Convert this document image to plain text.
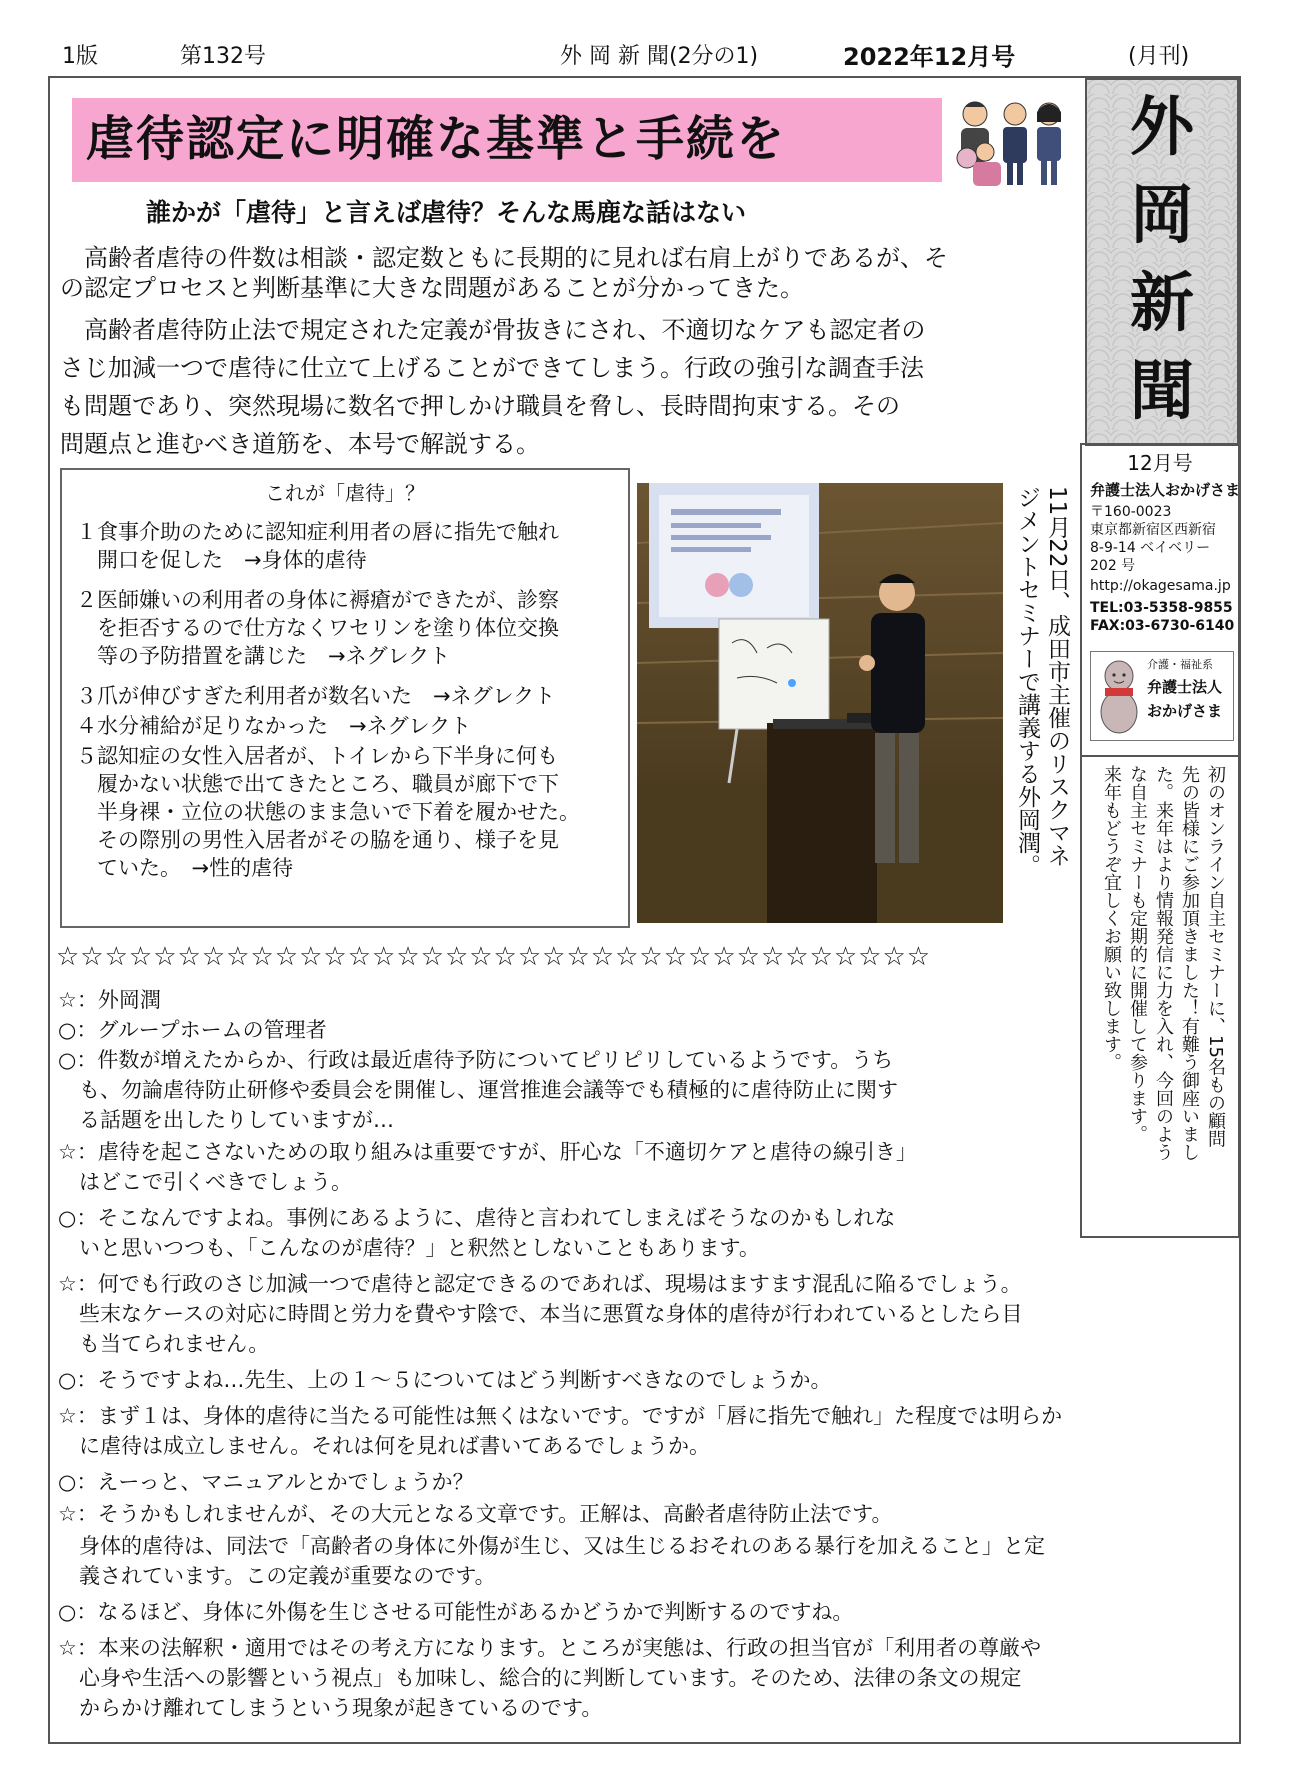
1版	第132号	外 岡 新 聞(2分の1)	2022年12月号	(月刊)
外
岡
新
聞
12月号
弁護士法人おかげさま
〒160-0023
東京都新宿区西新宿
8-9-14 ベイベリー
202 号
http://okagesama.jp
TEL:03-5358-9855
FAX:03-6730-6140
介護・福祉系
弁護士法人
おかげさま
初のオンライン自主セミナーに、15名もの顧問
先の皆様にご参加頂きました！有難う御座いまし
た。来年はより情報発信に力を入れ、今回のよう
な自主セミナーも定期的に開催して参ります。
来年もどうぞ宜しくお願い致します。
虐待認定に明確な基準と手続を
誰かが「虐待」と言えば虐待？そんな馬鹿な話はない
　高齢者虐待の件数は相談・認定数ともに長期的に見れば右肩上がりであるが、そ
の認定プロセスと判断基準に大きな問題があることが分かってきた。
　高齢者虐待防止法で規定された定義が骨抜きにされ、不適切なケアも認定者の
さじ加減一つで虐待に仕立て上げることができてしまう。行政の強引な調査手法
も問題であり、突然現場に数名で押しかけ職員を脅し、長時間拘束する。その
問題点と進むべき道筋を、本号で解説する。
これが「虐待」？
１食事介助のために認知症利用者の唇に指先で触れ
　開口を促した　→身体的虐待
２医師嫌いの利用者の身体に褥瘡ができたが、診察
　を拒否するので仕方なくワセリンを塗り体位交換
　等の予防措置を講じた　→ネグレクト
３爪が伸びすぎた利用者が数名いた　→ネグレクト
４水分補給が足りなかった　→ネグレクト
５認知症の女性入居者が、トイレから下半身に何も
　履かない状態で出てきたところ、職員が廊下で下
　半身裸・立位の状態のまま急いで下着を履かせた。
　その際別の男性入居者がその脇を通り、様子を見
　ていた。　→性的虐待
11月22日、成田市主催のリスクマネ
ジメントセミナーで講義する外岡潤。
☆☆☆☆☆☆☆☆☆☆☆☆☆☆☆☆☆☆☆☆☆☆☆☆☆☆☆☆☆☆☆☆☆☆☆☆
☆：外岡潤
○：グループホームの管理者
○：件数が増えたからか、行政は最近虐待予防についてピリピリしているようです。うち
　も、勿論虐待防止研修や委員会を開催し、運営推進会議等でも積極的に虐待防止に関す
　る話題を出したりしていますが…
☆：虐待を起こさないための取り組みは重要ですが、肝心な「不適切ケアと虐待の線引き」
　はどこで引くべきでしょう。
○：そこなんですよね。事例にあるように、虐待と言われてしまえばそうなのかもしれな
　いと思いつつも、「こんなのが虐待？」と釈然としないこともあります。
☆：何でも行政のさじ加減一つで虐待と認定できるのであれば、現場はますます混乱に陥るでしょう。
　些末なケースの対応に時間と労力を費やす陰で、本当に悪質な身体的虐待が行われているとしたら目
　も当てられません。
○：そうですよね…先生、上の１～５についてはどう判断すべきなのでしょうか。
☆：まず１は、身体的虐待に当たる可能性は無くはないです。ですが「唇に指先で触れ」た程度では明らか
　に虐待は成立しません。それは何を見れば書いてあるでしょうか。
○：えーっと、マニュアルとかでしょうか？
☆：そうかもしれませんが、その大元となる文章です。正解は、高齢者虐待防止法です。
　身体的虐待は、同法で「高齢者の身体に外傷が生じ、又は生じるおそれのある暴行を加えること」と定
　義されています。この定義が重要なのです。
○：なるほど、身体に外傷を生じさせる可能性があるかどうかで判断するのですね。
☆：本来の法解釈・適用ではその考え方になります。ところが実態は、行政の担当官が「利用者の尊厳や
　心身や生活への影響という視点」も加味し、総合的に判断しています。そのため、法律の条文の規定
　からかけ離れてしまうという現象が起きているのです。
